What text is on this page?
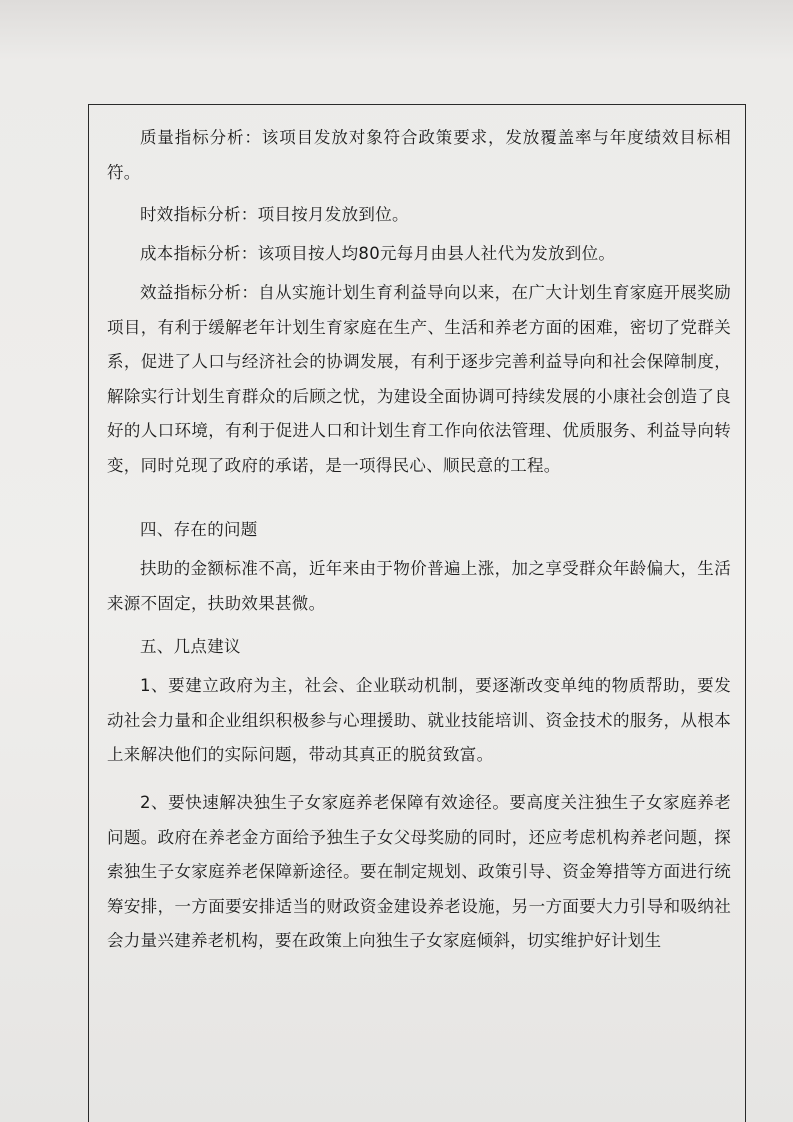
质量指标分析：该项目发放对象符合政策要求，发放覆盖率与年度绩效目标相符。

时效指标分析：项目按月发放到位。

成本指标分析：该项目按人均80元每月由县人社代为发放到位。

效益指标分析：自从实施计划生育利益导向以来，在广大计划生育家庭开展奖励项目，有利于缓解老年计划生育家庭在生产、生活和养老方面的困难，密切了党群关系，促进了人口与经济社会的协调发展，有利于逐步完善利益导向和社会保障制度，解除实行计划生育群众的后顾之忧，为建设全面协调可持续发展的小康社会创造了良好的人口环境，有利于促进人口和计划生育工作向依法管理、优质服务、利益导向转变，同时兑现了政府的承诺，是一项得民心、顺民意的工程。

四、存在的问题

扶助的金额标准不高，近年来由于物价普遍上涨，加之享受群众年龄偏大，生活来源不固定，扶助效果甚微。

五、几点建议

1、要建立政府为主，社会、企业联动机制，要逐渐改变单纯的物质帮助，要发动社会力量和企业组织积极参与心理援助、就业技能培训、资金技术的服务，从根本上来解决他们的实际问题，带动其真正的脱贫致富。

2、要快速解决独生子女家庭养老保障有效途径。要高度关注独生子女家庭养老问题。政府在养老金方面给予独生子女父母奖励的同时，还应考虑机构养老问题，探索独生子女家庭养老保障新途径。要在制定规划、政策引导、资金筹措等方面进行统筹安排，一方面要安排适当的财政资金建设养老设施，另一方面要大力引导和吸纳社会力量兴建养老机构，要在政策上向独生子女家庭倾斜，切实维护好计划生
